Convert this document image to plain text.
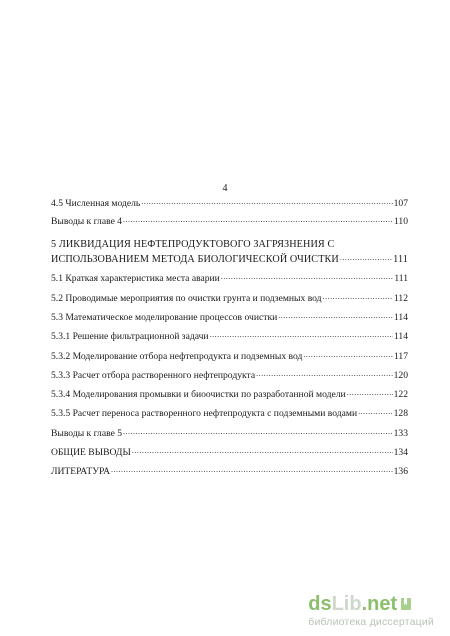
4
4.5 Численная модель .....	107
Выводы к главе 4 .....	110
5 ЛИКВИДАЦИЯ НЕФТЕПРОДУКТОВОГО ЗАГРЯЗНЕНИЯ С
ИСПОЛЬЗОВАНИЕМ МЕТОДА БИОЛОГИЧЕСКОЙ ОЧИСТКИ .....	111
5.1 Краткая характеристика места аварии .....	111
5.2 Проводимые мероприятия по очистки грунта и подземных вод .....	112
5.3 Математическое моделирование процессов очистки .....	114
5.3.1 Решение фильтрационной задачи .....	114
5.3.2 Моделирование отбора нефтепродукта и подземных вод .....	117
5.3.3 Расчет отбора растворенного нефтепродукта .....	120
5.3.4 Моделирования промывки и биоочистки по разработанной модели .....	122
5.3.5 Расчет переноса растворенного нефтепродукта с подземными водами .....	128
Выводы к главе 5 .....	133
ОБЩИЕ ВЫВОДЫ .....	134
ЛИТЕРАТУРА .....	136
ds Lib .net
библиотека диссертаций
